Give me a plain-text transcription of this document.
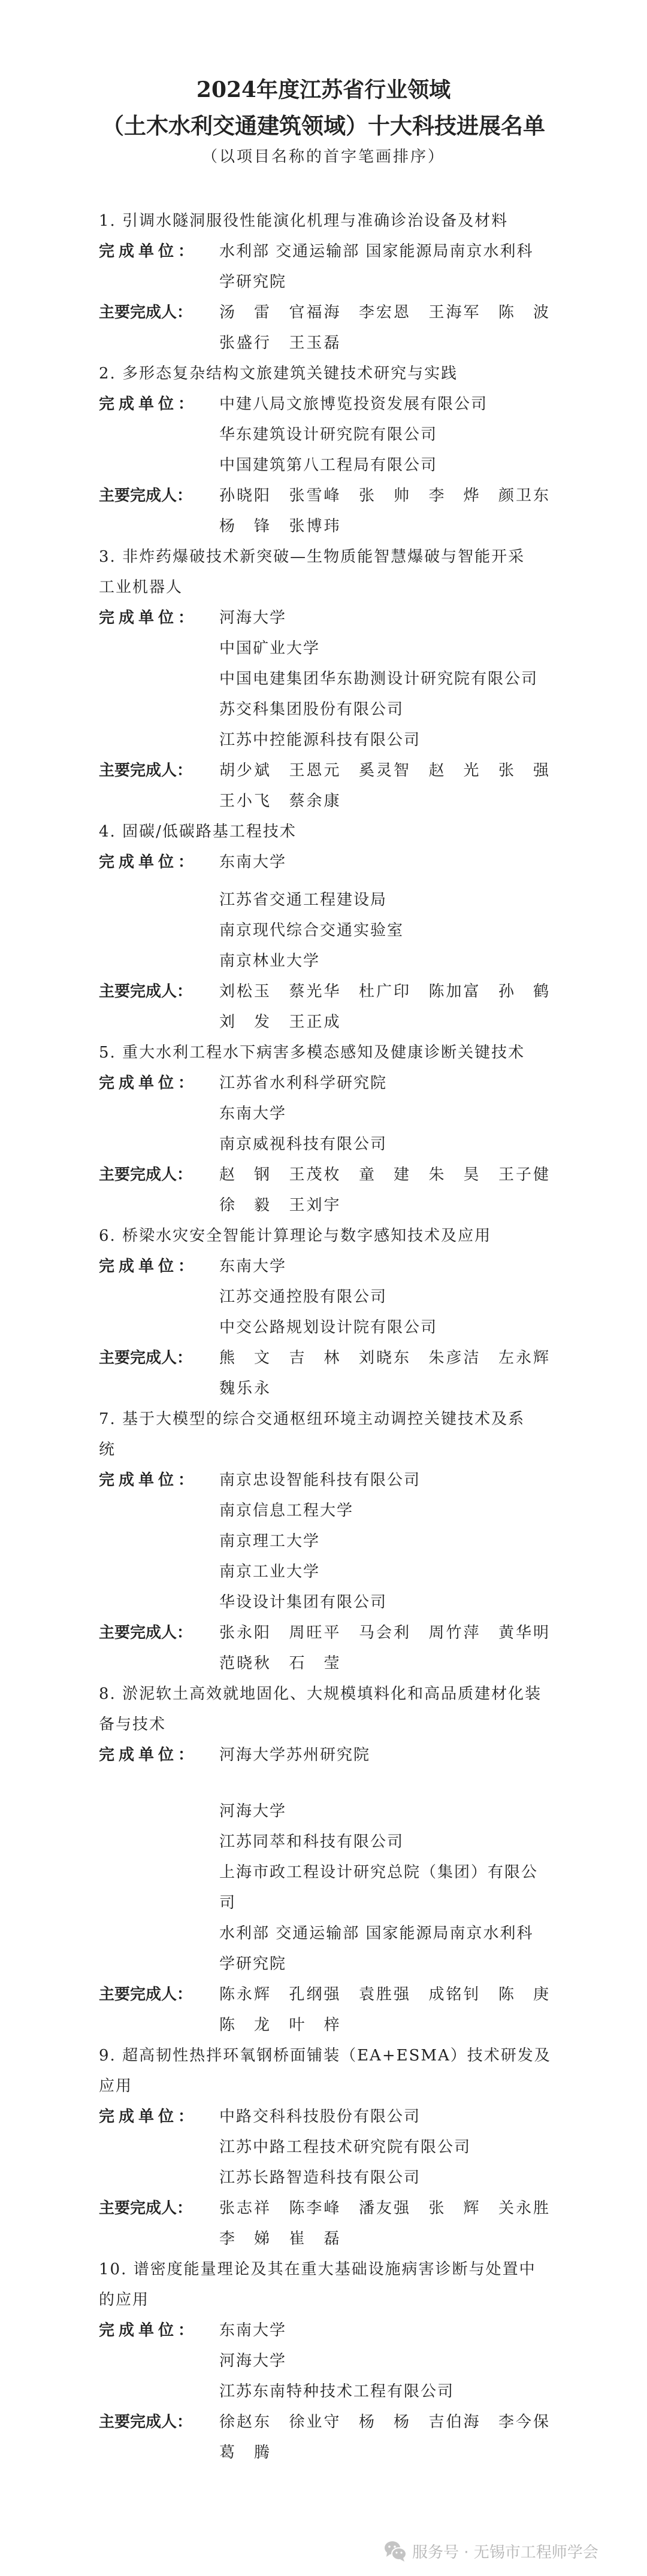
2024年度江苏省行业领域
（土木水利交通建筑领域）十大科技进展名单
（以项目名称的首字笔画排序）
1. 引调水隧洞服役性能演化机理与准确诊治设备及材料
完成单位： 水利部 交通运输部 国家能源局南京水利科
学研究院
主要完成人： 汤雷 官福海 李宏恩 王海军 陈波
张盛行 王玉磊
2. 多形态复杂结构文旅建筑关键技术研究与实践
完成单位： 中建八局文旅博览投资发展有限公司
华东建筑设计研究院有限公司
中国建筑第八工程局有限公司
主要完成人： 孙晓阳 张雪峰 张帅 李烨 颜卫东
杨锋 张博玮
3. 非炸药爆破技术新突破—生物质能智慧爆破与智能开采
工业机器人
完成单位： 河海大学
中国矿业大学
中国电建集团华东勘测设计研究院有限公司
苏交科集团股份有限公司
江苏中控能源科技有限公司
主要完成人： 胡少斌 王恩元 奚灵智 赵光 张强
王小飞 蔡余康
4. 固碳/低碳路基工程技术
完成单位： 东南大学
江苏省交通工程建设局
南京现代综合交通实验室
南京林业大学
主要完成人： 刘松玉 蔡光华 杜广印 陈加富 孙鹤
刘发 王正成
5. 重大水利工程水下病害多模态感知及健康诊断关键技术
完成单位： 江苏省水利科学研究院
东南大学
南京威视科技有限公司
主要完成人： 赵钢 王茂枚 童建 朱昊 王子健
徐毅 王刘宇
6. 桥梁水灾安全智能计算理论与数字感知技术及应用
完成单位： 东南大学
江苏交通控股有限公司
中交公路规划设计院有限公司
主要完成人： 熊文 吉林 刘晓东 朱彦洁 左永辉
魏乐永
7. 基于大模型的综合交通枢纽环境主动调控关键技术及系
统
完成单位： 南京忠设智能科技有限公司
南京信息工程大学
南京理工大学
南京工业大学
华设设计集团有限公司
主要完成人： 张永阳 周旺平 马会利 周竹萍 黄华明
范晓秋 石莹
8. 淤泥软土高效就地固化、大规模填料化和高品质建材化装
备与技术
完成单位： 河海大学苏州研究院
河海大学
江苏同萃和科技有限公司
上海市政工程设计研究总院（集团）有限公
司
水利部 交通运输部 国家能源局南京水利科
学研究院
主要完成人： 陈永辉 孔纲强 袁胜强 成铭钊 陈庚
陈龙 叶梓
9. 超高韧性热拌环氧钢桥面铺装（EA+ESMA）技术研发及
应用
完成单位： 中路交科科技股份有限公司
江苏中路工程技术研究院有限公司
江苏长路智造科技有限公司
主要完成人： 张志祥 陈李峰 潘友强 张辉 关永胜
李娣 崔磊
10. 谱密度能量理论及其在重大基础设施病害诊断与处置中
的应用
完成单位： 东南大学
河海大学
江苏东南特种技术工程有限公司
主要完成人： 徐赵东 徐业守 杨杨 吉伯海 李今保
葛腾
服务号 · 无锡市工程师学会
